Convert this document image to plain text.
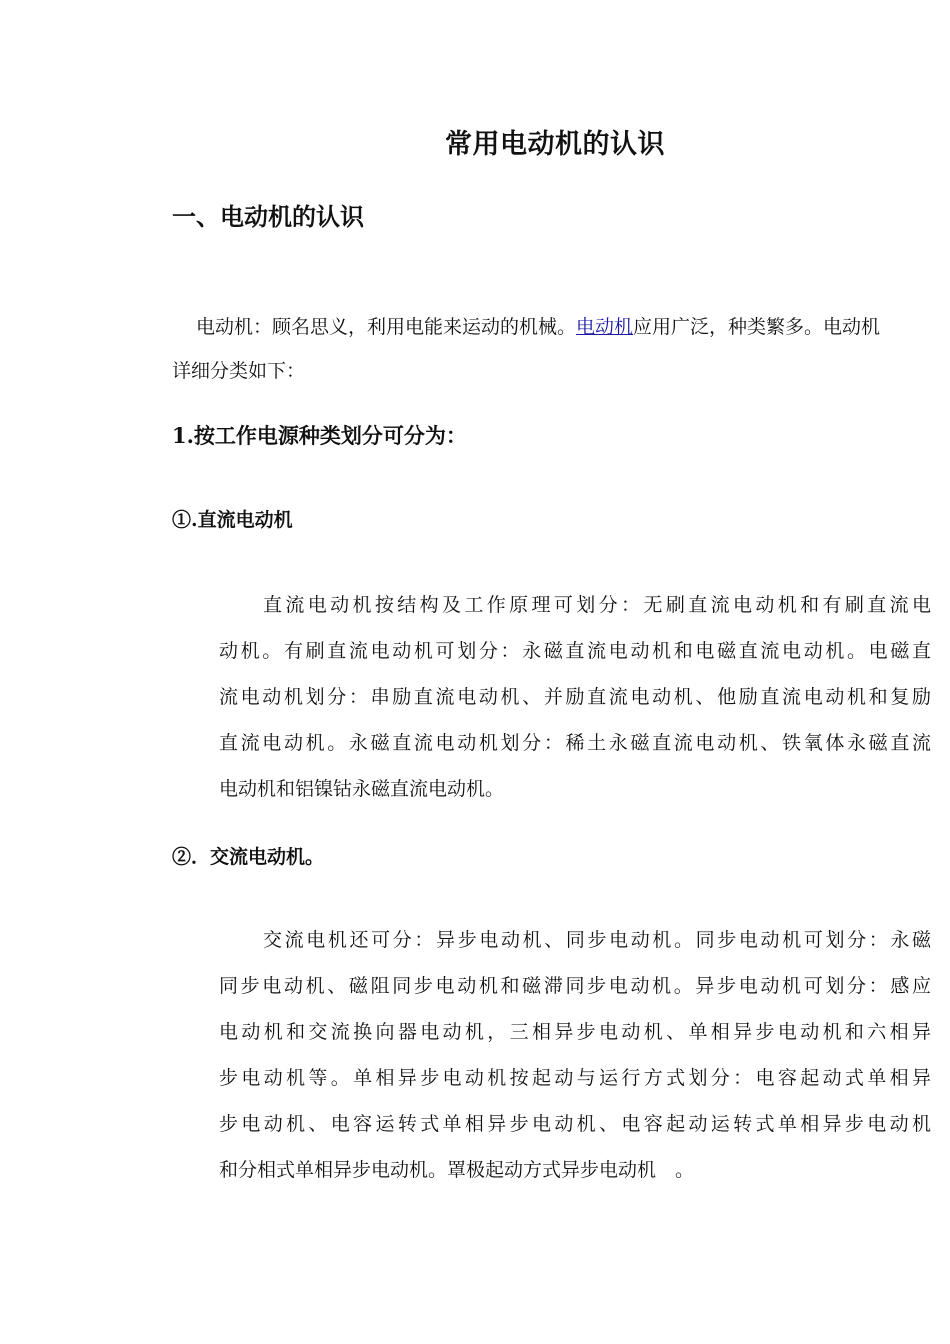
常用电动机的认识
一、电动机的认识
电动机：顾名思义，利用电能来运动的机械。电动机应用广泛，种类繁多。电动机
详细分类如下：
1.按工作电源种类划分可分为：
①.直流电动机
直流电动机按结构及工作原理可划分：无刷直流电动机和有刷直流电
动机。有刷直流电动机可划分：永磁直流电动机和电磁直流电动机。电磁直
流电动机划分：串励直流电动机、并励直流电动机、他励直流电动机和复励
直流电动机。永磁直流电动机划分：稀土永磁直流电动机、铁氧体永磁直流
电动机和铝镍钴永磁直流电动机。
②．交流电动机。
交流电机还可分：异步电动机、同步电动机。同步电动机可划分：永磁
同步电动机、磁阻同步电动机和磁滞同步电动机。异步电动机可划分：感应
电动机和交流换向器电动机，三相异步电动机、单相异步电动机和六相异
步电动机等。单相异步电动机按起动与运行方式划分：电容起动式单相异
步电动机、电容运转式单相异步电动机、电容起动运转式单相异步电动机
和分相式单相异步电动机。罩极起动方式异步电动机　。
